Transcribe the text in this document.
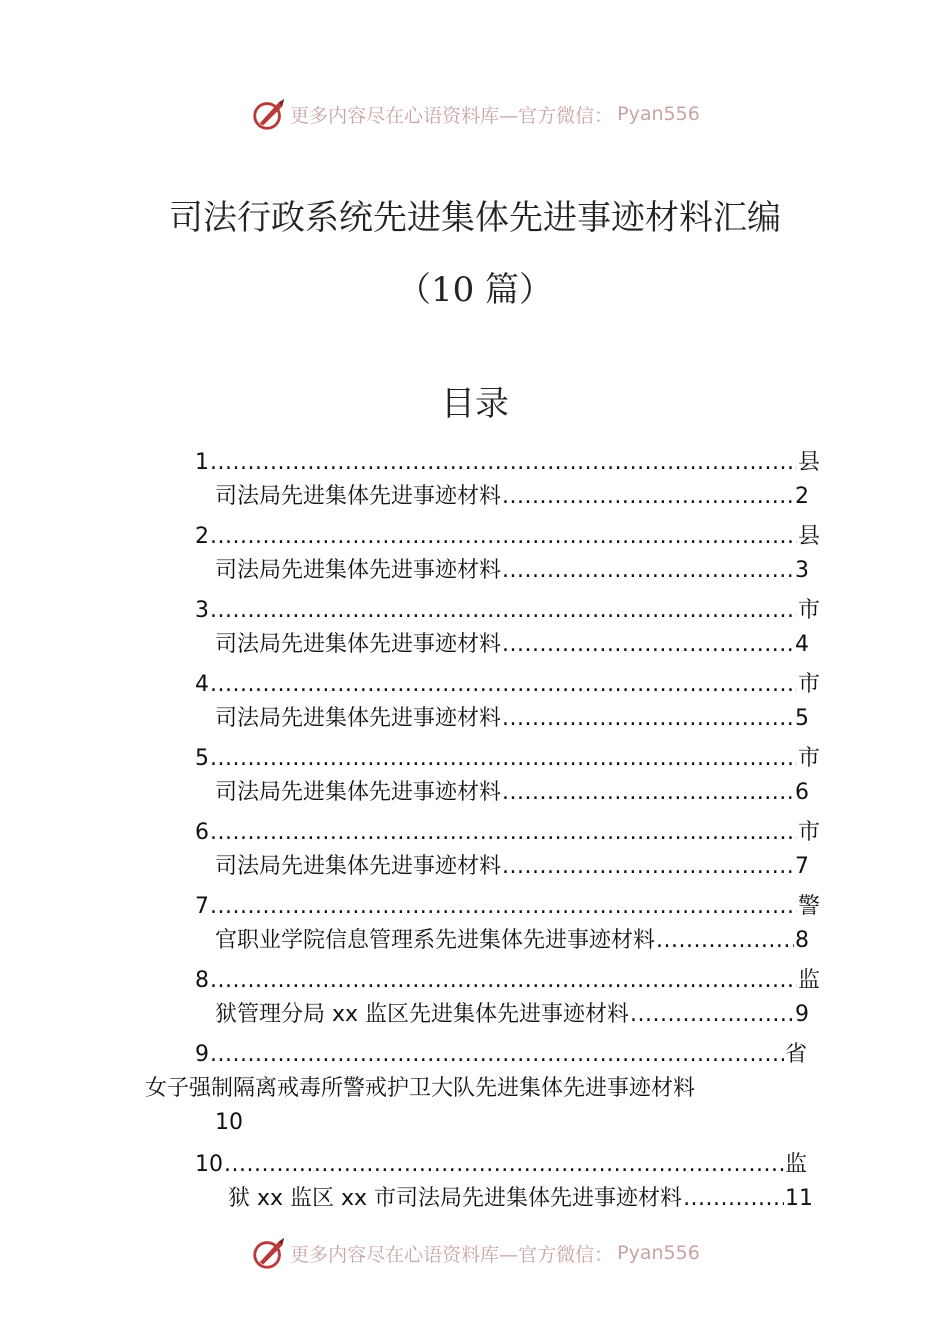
更多内容尽在心语资料库—官方微信： Pyan556
司法行政系统先进集体先进事迹材料汇编
（10 篇）
目录
1 .....	县
司法局先进集体先进事迹材料 .....	2
2 .....	县
司法局先进集体先进事迹材料 .....	3
3 .....	市
司法局先进集体先进事迹材料 .....	4
4 .....	市
司法局先进集体先进事迹材料 .....	5
5 .....	市
司法局先进集体先进事迹材料 .....	6
6 .....	市
司法局先进集体先进事迹材料 .....	7
7 .....	警
官职业学院信息管理系先进集体先进事迹材料 .....	8
8 .....	监
狱管理分局 xx 监区先进集体先进事迹材料 .....	9
9 .....	省
女子强制隔离戒毒所警戒护卫大队先进集体先进事迹材料
10
10 .....	监
狱 xx 监区 xx 市司法局先进集体先进事迹材料 .....	11
更多内容尽在心语资料库—官方微信： Pyan556
